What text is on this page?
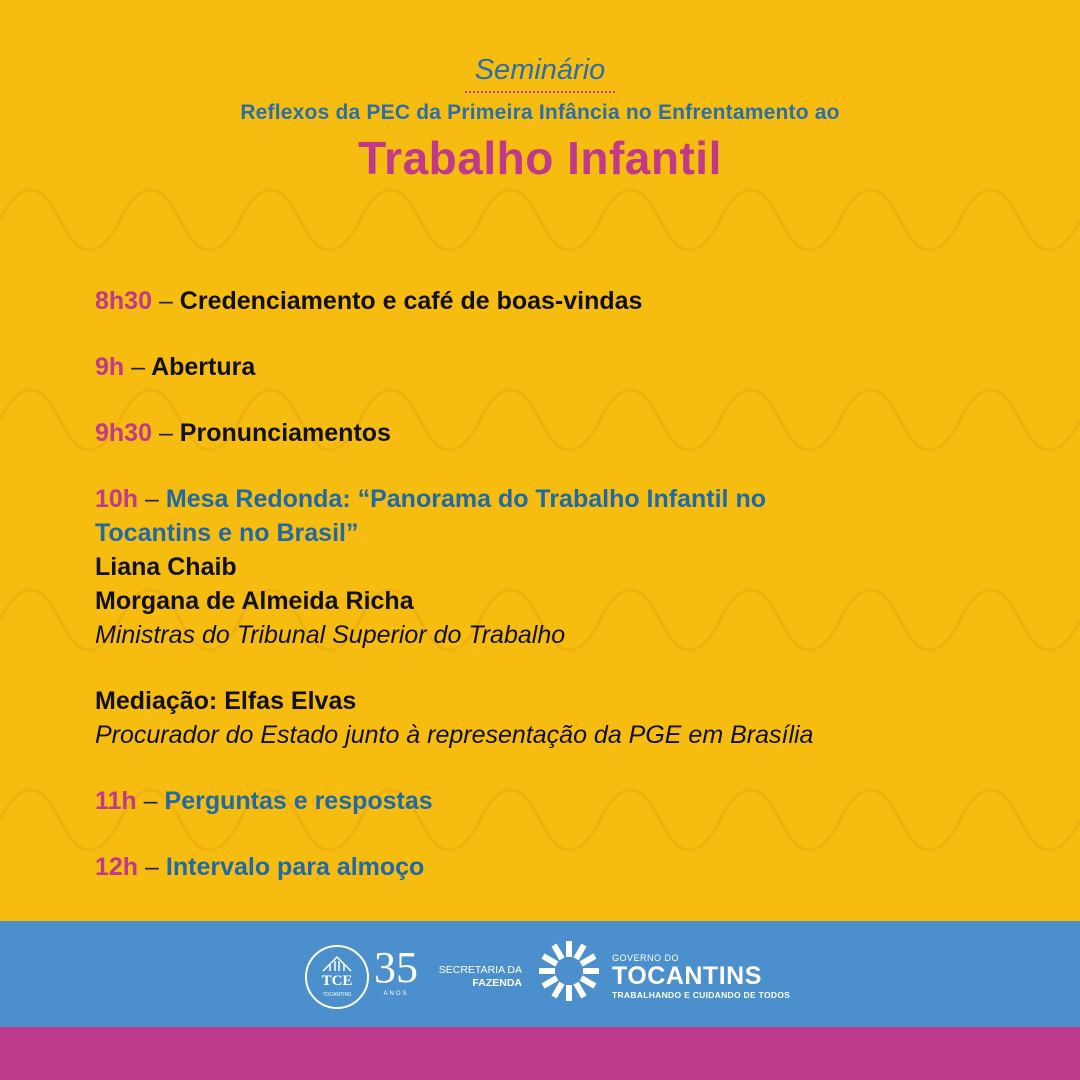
Seminário
Reflexos da PEC da Primeira Infância no Enfrentamento ao
Trabalho Infantil
8h30 – Credenciamento e café de boas-vindas
9h – Abertura
9h30 – Pronunciamentos
10h – Mesa Redonda: “Panorama do Trabalho Infantil no
Tocantins e no Brasil”
Liana Chaib
Morgana de Almeida Richa
Ministras do Tribunal Superior do Trabalho
Mediação: Elfas Elvas
Procurador do Estado junto à representação da PGE em Brasília
11h – Perguntas e respostas
12h – Intervalo para almoço
TCE
TOCANTINS
35
ANOS
SECRETARIA DA
FAZENDA
GOVERNO DO
TOCANTINS
TRABALHANDO E CUIDANDO DE TODOS
